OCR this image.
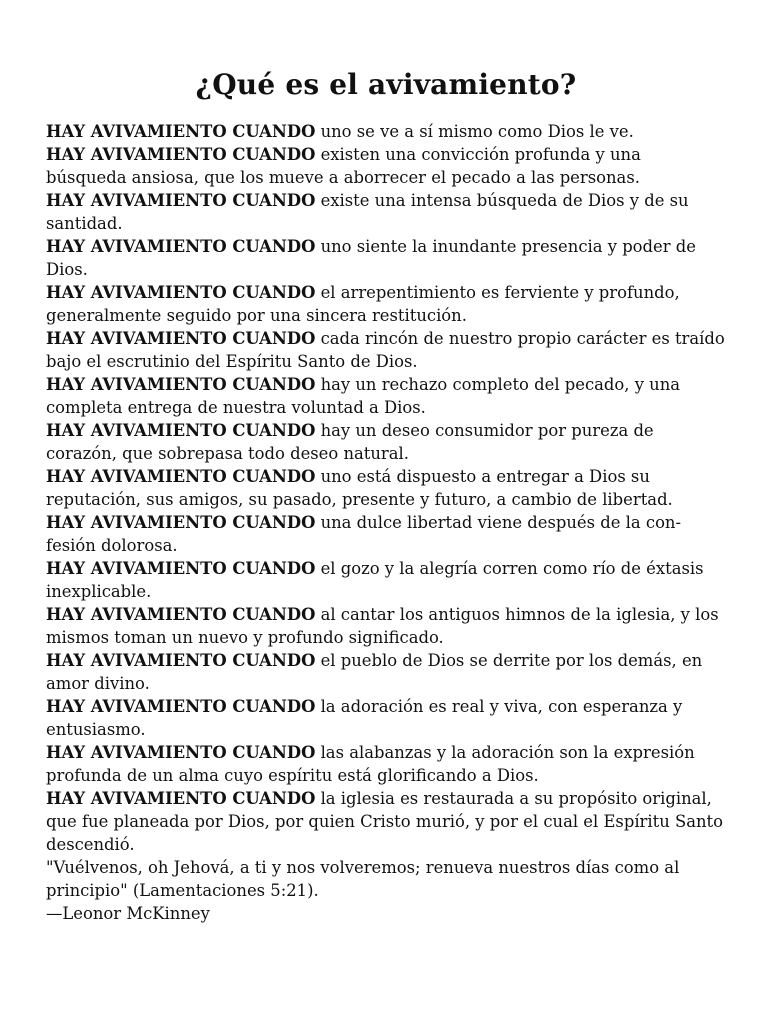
¿Qué es el avivamiento?

HAY AVIVAMIENTO CUANDO uno se ve a sí mismo como Dios le ve.

HAY AVIVAMIENTO CUANDO existen una convicción profunda y una búsqueda ansiosa, que los mueve a aborrecer el pecado a las personas.

HAY AVIVAMIENTO CUANDO existe una intensa búsqueda de Dios y de su santidad.

HAY AVIVAMIENTO CUANDO uno siente la inundante presencia y poder de Dios.

HAY AVIVAMIENTO CUANDO el arrepentimiento es ferviente y profundo, generalmente seguido por una sincera restitución.

HAY AVIVAMIENTO CUANDO cada rincón de nuestro propio carácter es traído bajo el escrutinio del Espíritu Santo de Dios.

HAY AVIVAMIENTO CUANDO hay un rechazo completo del pecado, y una completa entrega de nuestra voluntad a Dios.

HAY AVIVAMIENTO CUANDO hay un deseo consumidor por pureza de corazón, que sobrepasa todo deseo natural.

HAY AVIVAMIENTO CUANDO uno está dispuesto a entregar a Dios su reputación, sus amigos, su pasado, presente y futuro, a cambio de libertad.

HAY AVIVAMIENTO CUANDO una dulce libertad viene después de la con-fesión dolorosa.

HAY AVIVAMIENTO CUANDO el gozo y la alegría corren como río de éxtasis inexplicable.

HAY AVIVAMIENTO CUANDO al cantar los antiguos himnos de la iglesia, y los mismos toman un nuevo y profundo significado.

HAY AVIVAMIENTO CUANDO el pueblo de Dios se derrite por los demás, en amor divino.

HAY AVIVAMIENTO CUANDO la adoración es real y viva, con esperanza y entusiasmo.

HAY AVIVAMIENTO CUANDO las alabanzas y la adoración son la expresión profunda de un alma cuyo espíritu está glorificando a Dios.

HAY AVIVAMIENTO CUANDO la iglesia es restaurada a su propósito original, que fue planeada por Dios, por quien Cristo murió, y por el cual el Espíritu Santo descendió.

"Vuélvenos, oh Jehová, a ti y nos volveremos; renueva nuestros días como al principio" (Lamentaciones 5:21).

—Leonor McKinney
